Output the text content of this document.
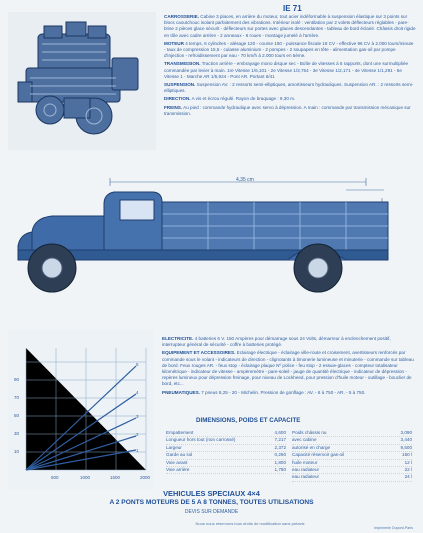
IE 71

CARROSSERIE. Cabine 3 places, en arrière du moteur, tout acier indéformable à suspension élastique sur 3 points sur blocs caoutchouc isolant parfaitement des vibrations. Intérieur isolé : ventilation par 2 volets déflecteurs réglables - pare-brise 2 pièces glace sécurit - déflecteurs sur portes avec glaces descendantes - tableau de bord éclairé. Châssis droit rigide en tôle avec cadre arrière - 2 anneaux - 6 roues - montage jumelé à l'arrière.

MOTEUR 4 temps, 6 cylindres - alésage 120 - course 150 - puissance fiscale 18 CV - effective 96 CV à 2.000 tours/minute - taux de compression 15,5 - culasse aluminium - 2 pompes - 2 soupapes en tête - alimentation gas-oil par pompe d'injection - refroidissement par eau - 70 km/h à 2.000 tours en 5ème.

TRANSMISSION. Traction arrière - embrayage mono disque sec - Boîte de vitesses à 5 rapports, dont une surmultipliée commandée par levier à main. 1re Vitesse 1/6,101 - 2e Vitesse 1/3,754 - 3e Vitesse 1/2,171 - 4e Vitesse 1/1,291 - 5e Vitesse 1 - Marche AR 1/5,924 - Pont AR. Portant 6/41

SUSPENSION. Suspension AV. : 2 ressorts semi-elliptiques, amortisseurs hydrauliques. Suspension AR. : 2 ressorts semi-elliptiques.

DIRECTION. A vis et écrou régulé. Rayon de braquage : 9,30 m.

FREINS. Au pied : commande hydraulique avec servo à dépression. A main : commande par transmission mécanique sur transmission.

4,35 cm
500	1000	1500	2000
10
30
50
70
90
1
2
3
4
5

ELECTRICITE. 4 batteries 6 V. 150 Ampères pour démarrage sous 24 Volts, démarreur à enclenchement positif, interrupteur général de sécurité - coffre à batteries protégé.

EQUIPEMENT ET ACCESSOIRES. Eclairage électrique - éclairage ville-route et croisement, avertisseurs renforcés par commande sous le volant - indicateurs de direction - clignotants à timonerie lumineuse et minuterie - commande sur tableau de bord. Feux rouges AR. - feux stop - éclairage plaque Nº police - feu stop - 2 essuie-glaces - compteur totalisateur kilométrique - indicateur de vitesse - ampèremètre - pare-soleil - jauge de quantité électrique - indicateur de dépression - repères lumineux pour dépression freinage, pour niveau de Lockheed, pour pression d'huile moteur - outillage - bouclier de bord, etc...

PNEUMATIQUES. 7 pneus 8,25 - 20 - Michelin. Pression de gonflage : AV. - 6 à 750 - AR. - 5 à 750.

DIMENSIONS, POIDS ET CAPACITE
Empattement	4,600
Longueur hors tout (non carrossé)	7,217
Largeur	2,372
Garde au sol	0,260
Voie avant	1,800
Voie arrière	1,780
Poids châssis nu	3,090
avec cabine	3,440
autorisé en charge	9,500
Capacité réservoir gas-oil	150 l
huile moteur	12 l
eau radiateur	22 l
eau radiateur	24 l
VEHICULES SPECIAUX 4×4
A 2 PONTS MOTEURS DE 5 A 8 TONNES, TOUTES UTILISATIONS
DEVIS SUR DEMANDE
Nous nous réservons tous droits de modification sans préavis
Imprimerie Dupont-Paris
